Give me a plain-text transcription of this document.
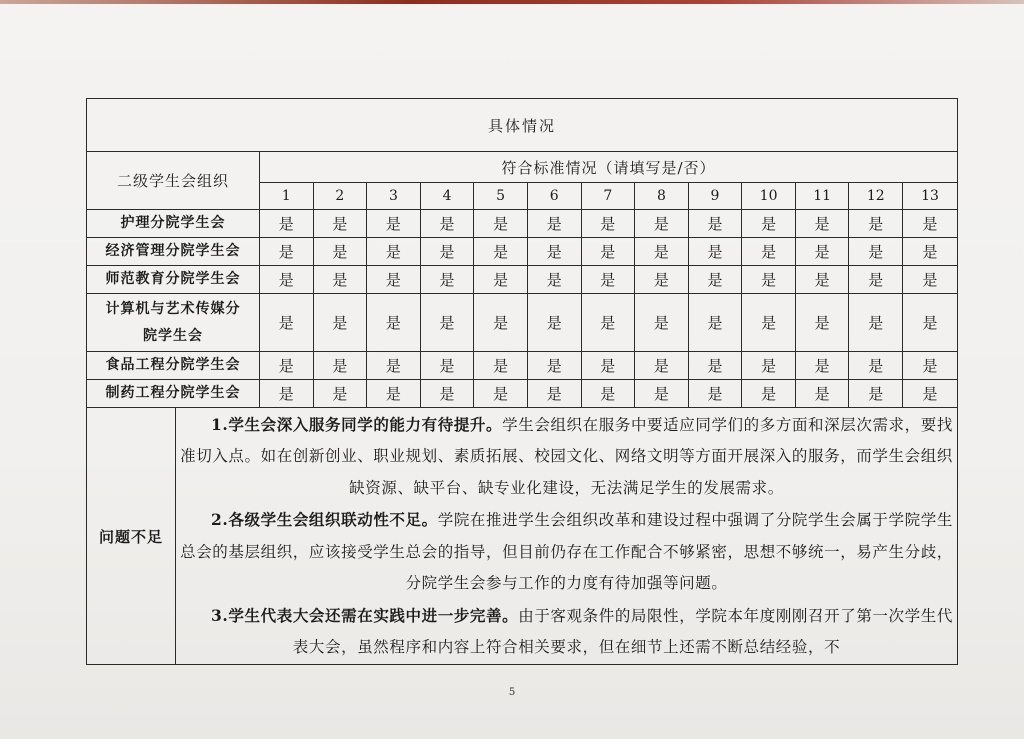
具体情况														
二级学生会组织		符合标准情况（请填写是/否）												
		1	2	3	4	5	6	7	8	9	10	11	12	13
护理分院学生会		是	是	是	是	是	是	是	是	是	是	是	是	是
经济管理分院学生会		是	是	是	是	是	是	是	是	是	是	是	是	是
师范教育分院学生会		是	是	是	是	是	是	是	是	是	是	是	是	是
计算机与艺术传媒分院学生会		是	是	是	是	是	是	是	是	是	是	是	是	是
食品工程分院学生会		是	是	是	是	是	是	是	是	是	是	是	是	是
制药工程分院学生会		是	是	是	是	是	是	是	是	是	是	是	是	是
问题不足	1.学生会深入服务同学的能力有待提升。学生会组织在服务中要适应同学们的多方面和深层次需求，要找准切入点。如在创新创业、职业规划、素质拓展、校园文化、网络文明等方面开展深入的服务，而学生会组织缺资源、缺平台、缺专业化建设，无法满足学生的发展需求。

2.各级学生会组织联动性不足。学院在推进学生会组织改革和建设过程中强调了分院学生会属于学院学生总会的基层组织，应该接受学生总会的指导，但目前仍存在工作配合不够紧密，思想不够统一，易产生分歧，分院学生会参与工作的力度有待加强等问题。

3.学生代表大会还需在实践中进一步完善。由于客观条件的局限性，学院本年度刚刚召开了第一次学生代表大会，虽然程序和内容上符合相关要求，但在细节上还需不断总结经验，不													

5
